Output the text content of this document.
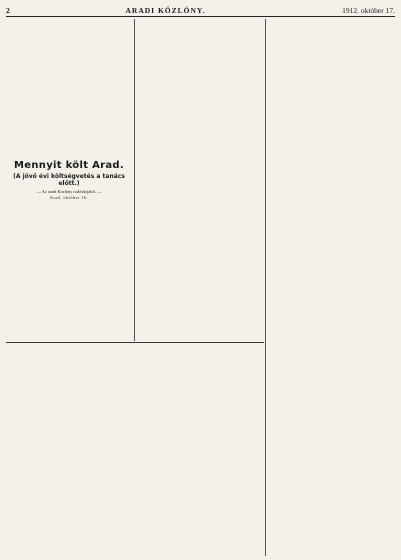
2	ARADI KÖZLÖNY.	1912. október 17.

Mennyit költ Arad.
(A jövő évi költségvetés a tanács előtt.)
— Az aradi Közlöny tudósítójától. —
Arad, október 16.
